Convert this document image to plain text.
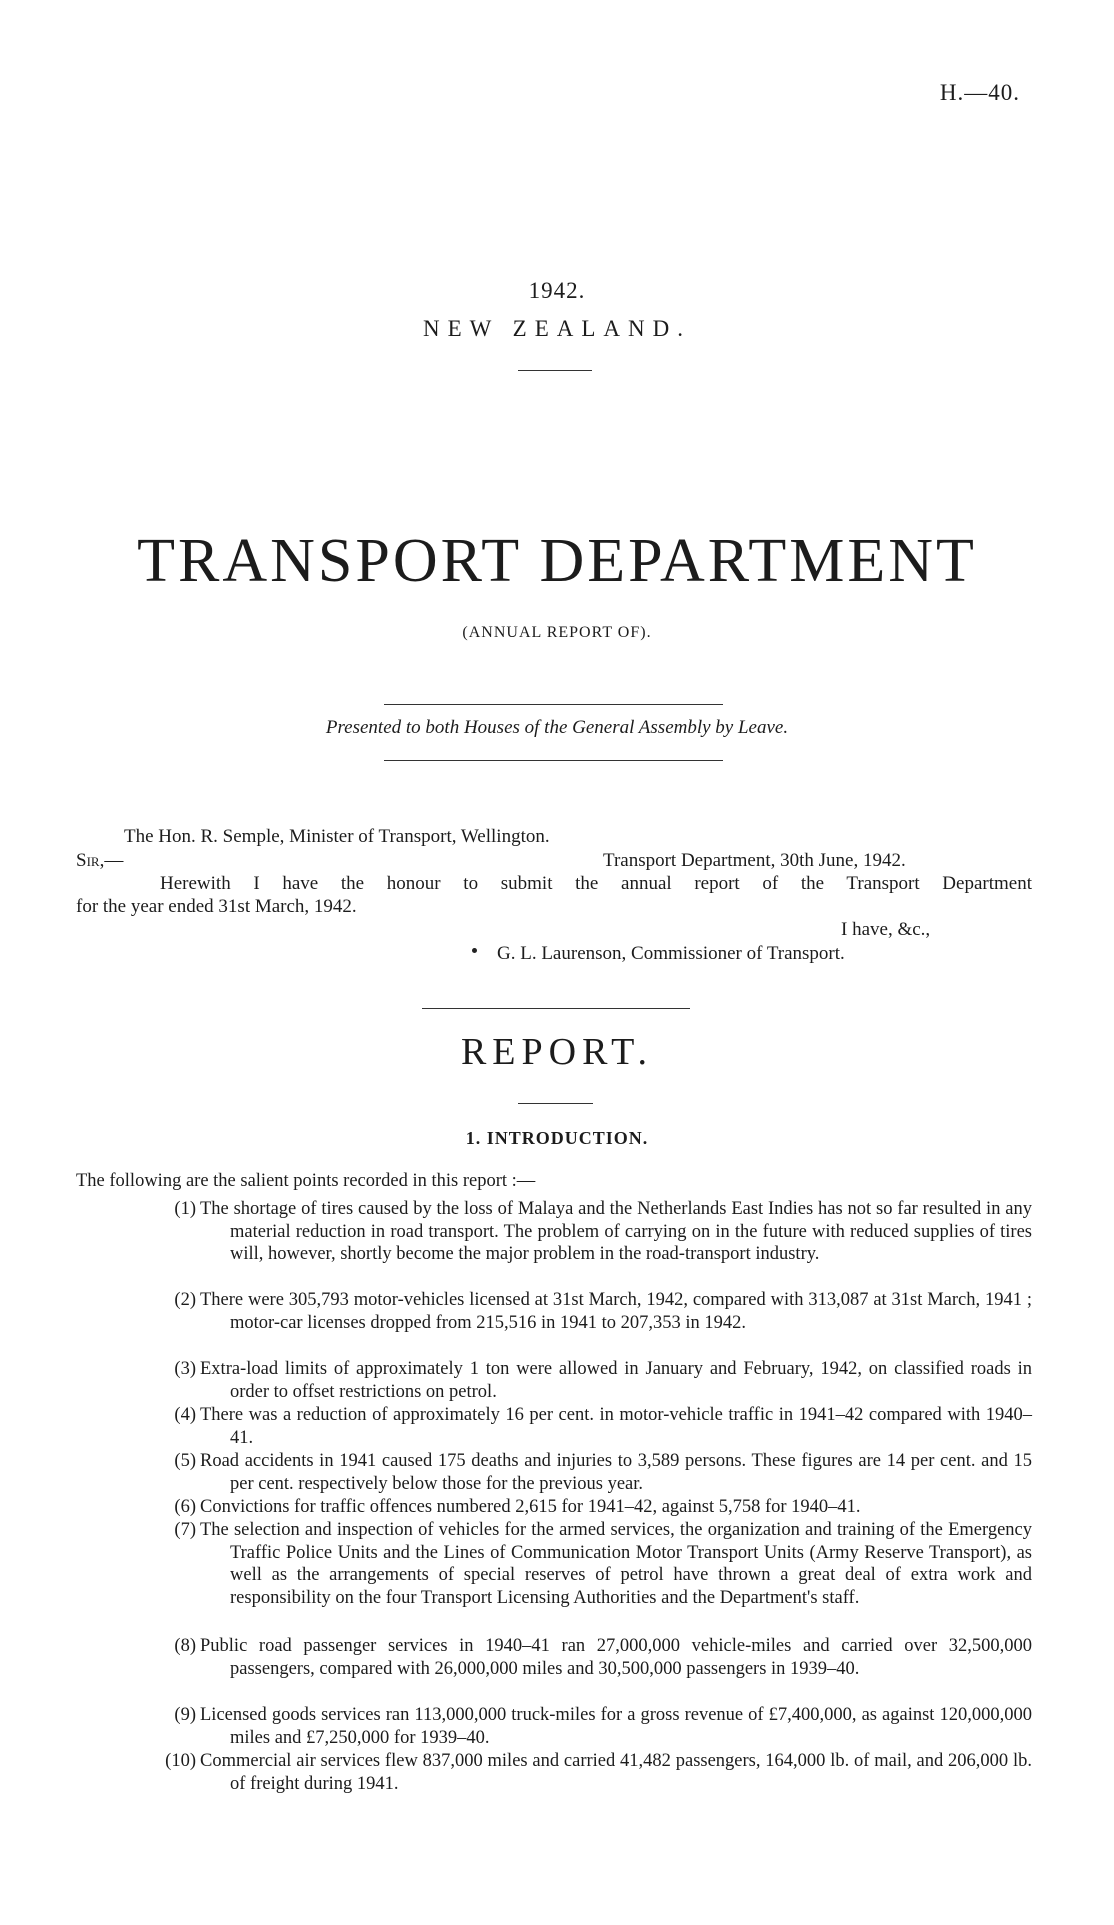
H.—40.
1942.
NEW ZEALAND.
TRANSPORT DEPARTMENT
(ANNUAL REPORT OF).
Presented to both Houses of the General Assembly by Leave.
The Hon. R. Semple, Minister of Transport, Wellington.
Sir,—	Transport Department, 30th June, 1942.
Herewith I have the honour to submit the annual report of the Transport Department
for the year ended 31st March, 1942.
I have, &c.,
G. L. Laurenson, Commissioner of Transport.
REPORT.
1. INTRODUCTION.
The following are the salient points recorded in this report :—
(1) The shortage of tires caused by the loss of Malaya and the Netherlands East Indies has not so far resulted in any material reduction in road transport. The problem of carrying on in the future with reduced supplies of tires will, however, shortly become the major problem in the road-transport industry.
(2) There were 305,793 motor-vehicles licensed at 31st March, 1942, compared with 313,087 at 31st March, 1941 ; motor-car licenses dropped from 215,516 in 1941 to 207,353 in 1942.
(3) Extra-load limits of approximately 1 ton were allowed in January and February, 1942, on classified roads in order to offset restrictions on petrol.
(4) There was a reduction of approximately 16 per cent. in motor-vehicle traffic in 1941–42 compared with 1940–41.
(5) Road accidents in 1941 caused 175 deaths and injuries to 3,589 persons. These figures are 14 per cent. and 15 per cent. respectively below those for the previous year.
(6) Convictions for traffic offences numbered 2,615 for 1941–42, against 5,758 for 1940–41.
(7) The selection and inspection of vehicles for the armed services, the organization and training of the Emergency Traffic Police Units and the Lines of Communication Motor Transport Units (Army Reserve Transport), as well as the arrangements of special reserves of petrol have thrown a great deal of extra work and responsibility on the four Transport Licensing Authorities and the Department's staff.
(8) Public road passenger services in 1940–41 ran 27,000,000 vehicle-miles and carried over 32,500,000 passengers, compared with 26,000,000 miles and 30,500,000 passengers in 1939–40.
(9) Licensed goods services ran 113,000,000 truck-miles for a gross revenue of £7,400,000, as against 120,000,000 miles and £7,250,000 for 1939–40.
(10) Commercial air services flew 837,000 miles and carried 41,482 passengers, 164,000 lb. of mail, and 206,000 lb. of freight during 1941.
